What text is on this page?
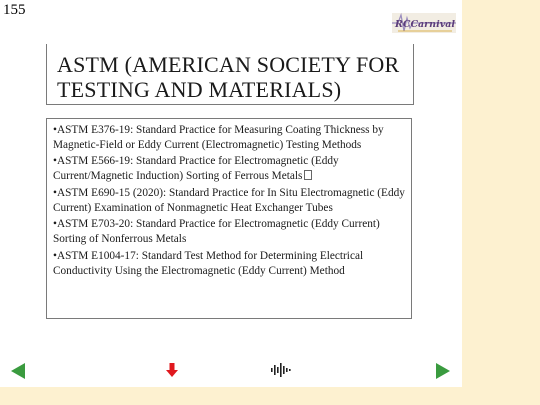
155
RCCarnival
ASTM (AMERICAN SOCIETY FOR
TESTING AND MATERIALS)
•ASTM E376-19: Standard Practice for Measuring Coating Thickness by Magnetic-Field or Eddy Current (Electromagnetic) Testing Methods
•ASTM E566-19: Standard Practice for Electromagnetic (Eddy Current/Magnetic Induction) Sorting of Ferrous Metals
•ASTM E690-15 (2020): Standard Practice for In Situ Electromagnetic (Eddy Current) Examination of Nonmagnetic Heat Exchanger Tubes
•ASTM E703-20: Standard Practice for Electromagnetic (Eddy Current) Sorting of Nonferrous Metals
•ASTM E1004-17: Standard Test Method for Determining Electrical Conductivity Using the Electromagnetic (Eddy Current) Method
